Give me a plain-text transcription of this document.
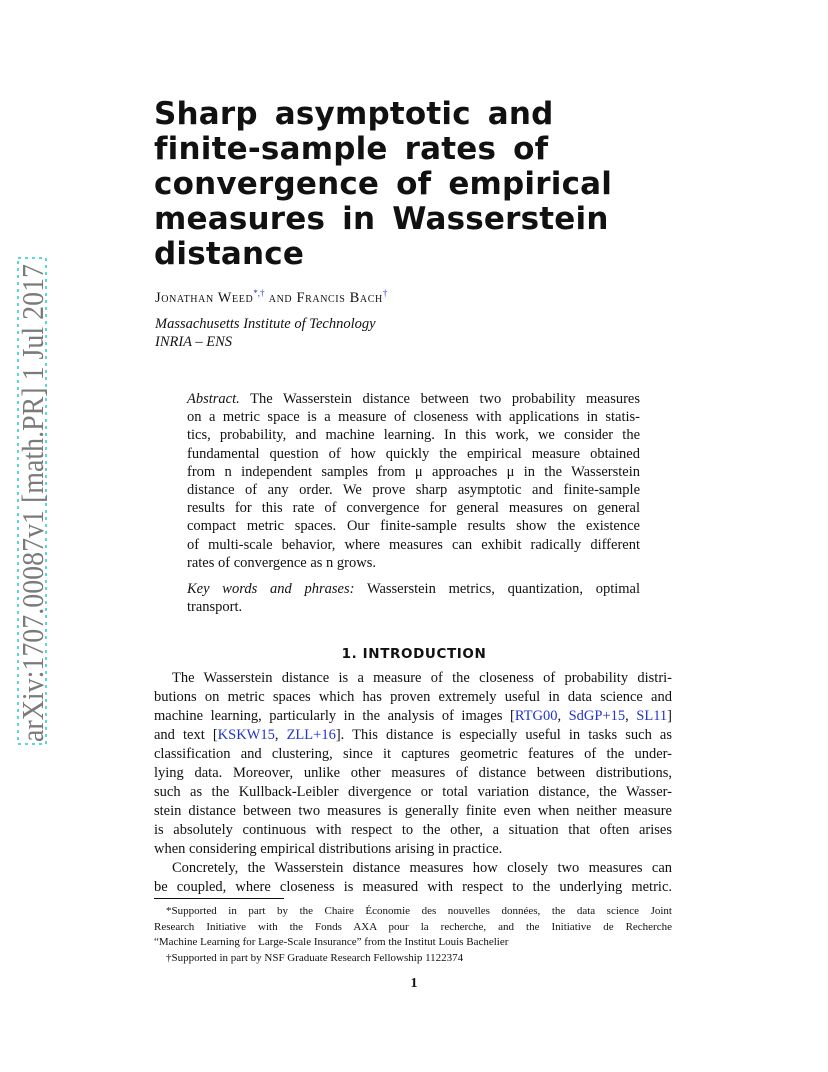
arXiv:1707.00087v1 [math.PR] 1 Jul 2017
Sharp asymptotic and
finite-sample rates of
convergence of empirical
measures in Wasserstein
distance
Jonathan Weed*,† and Francis Bach†
Massachusetts Institute of Technology
INRIA – ENS
Abstract. The Wasserstein distance between two probability measures
on a metric space is a measure of closeness with applications in statis-
tics, probability, and machine learning. In this work, we consider the
fundamental question of how quickly the empirical measure obtained
from n independent samples from μ approaches μ in the Wasserstein
distance of any order. We prove sharp asymptotic and finite-sample
results for this rate of convergence for general measures on general
compact metric spaces. Our finite-sample results show the existence
of multi-scale behavior, where measures can exhibit radically different
rates of convergence as n grows.
Key words and phrases: Wasserstein metrics, quantization, optimal
transport.
1. INTRODUCTION
The Wasserstein distance is a measure of the closeness of probability distri-
butions on metric spaces which has proven extremely useful in data science and
machine learning, particularly in the analysis of images [RTG00, SdGP+15, SL11]
and text [KSKW15, ZLL+16]. This distance is especially useful in tasks such as
classification and clustering, since it captures geometric features of the under-
lying data. Moreover, unlike other measures of distance between distributions,
such as the Kullback-Leibler divergence or total variation distance, the Wasser-
stein distance between two measures is generally finite even when neither measure
is absolutely continuous with respect to the other, a situation that often arises
when considering empirical distributions arising in practice.
Concretely, the Wasserstein distance measures how closely two measures can
be coupled, where closeness is measured with respect to the underlying metric.
*Supported in part by the Chaire Économie des nouvelles données, the data science Joint
Research Initiative with the Fonds AXA pour la recherche, and the Initiative de Recherche
“Machine Learning for Large-Scale Insurance” from the Institut Louis Bachelier
†Supported in part by NSF Graduate Research Fellowship 1122374
1
